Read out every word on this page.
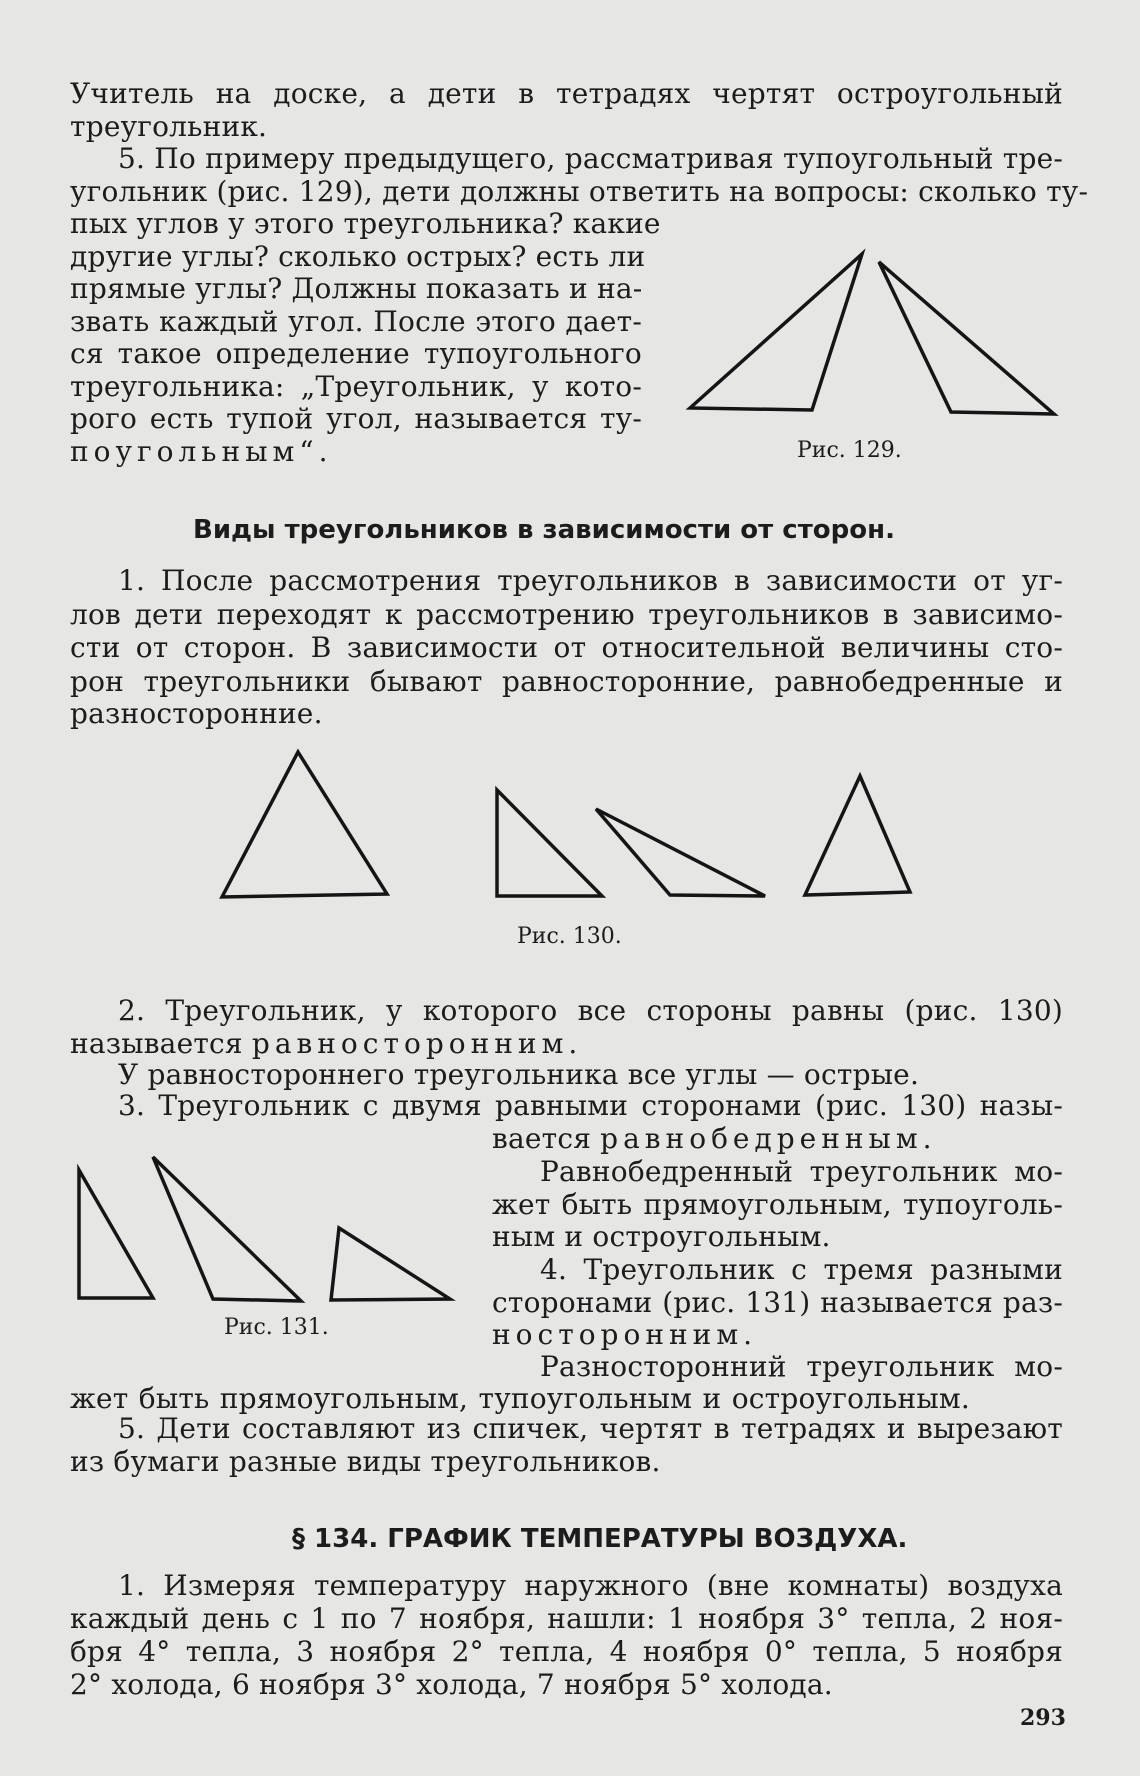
Учитель на доске, а дети в тетрадях чертят остроугольный
треугольник.
5. По примеру предыдущего, рассматривая тупоугольный тре-
угольник (рис. 129), дети должны ответить на вопросы: сколько ту-
пых углов у этого треугольника? какие
другие углы? сколько острых? есть ли
прямые углы? Должны показать и на-
звать каждый угол. После этого дает-
ся такое определение тупоугольного
треугольника: „Треугольник, у кото-
рого есть тупой угол, называется ту-
поугольным“.	Рис. 129.
Виды треугольников в зависимости от сторон.
1. После рассмотрения треугольников в зависимости от уг-
лов дети переходят к рассмотрению треугольников в зависимо-
сти от сторон. В зависимости от относительной величины сто-
рон треугольники бывают равносторонние, равнобедренные и
разносторонние.
Рис. 130.
2. Треугольник, у которого все стороны равны (рис. 130)
называется равносторонним.
У равностороннего треугольника все углы — острые.
3. Треугольник с двумя равными сторонами (рис. 130) назы-
вается равнобедренным.
Равнобедренный треугольник мо-
жет быть прямоугольным, тупоуголь-
ным и остроугольным.
4. Треугольник с тремя разными
сторонами (рис. 131) называется раз-
носторонним.
Разносторонний треугольник мо-
жет быть прямоугольным, тупоугольным и остроугольным.
Рис. 131.
5. Дети составляют из спичек, чертят в тетрадях и вырезают
из бумаги разные виды треугольников.
§ 134. ГРАФИК ТЕМПЕРАТУРЫ ВОЗДУХА.
1. Измеряя температуру наружного (вне комнаты) воздуха
каждый день с 1 по 7 ноября, нашли: 1 ноября 3° тепла, 2 ноя-
бря 4° тепла, 3 ноября 2° тепла, 4 ноября 0° тепла, 5 ноября
2° холода, 6 ноября 3° холода, 7 ноября 5° холода.
293
